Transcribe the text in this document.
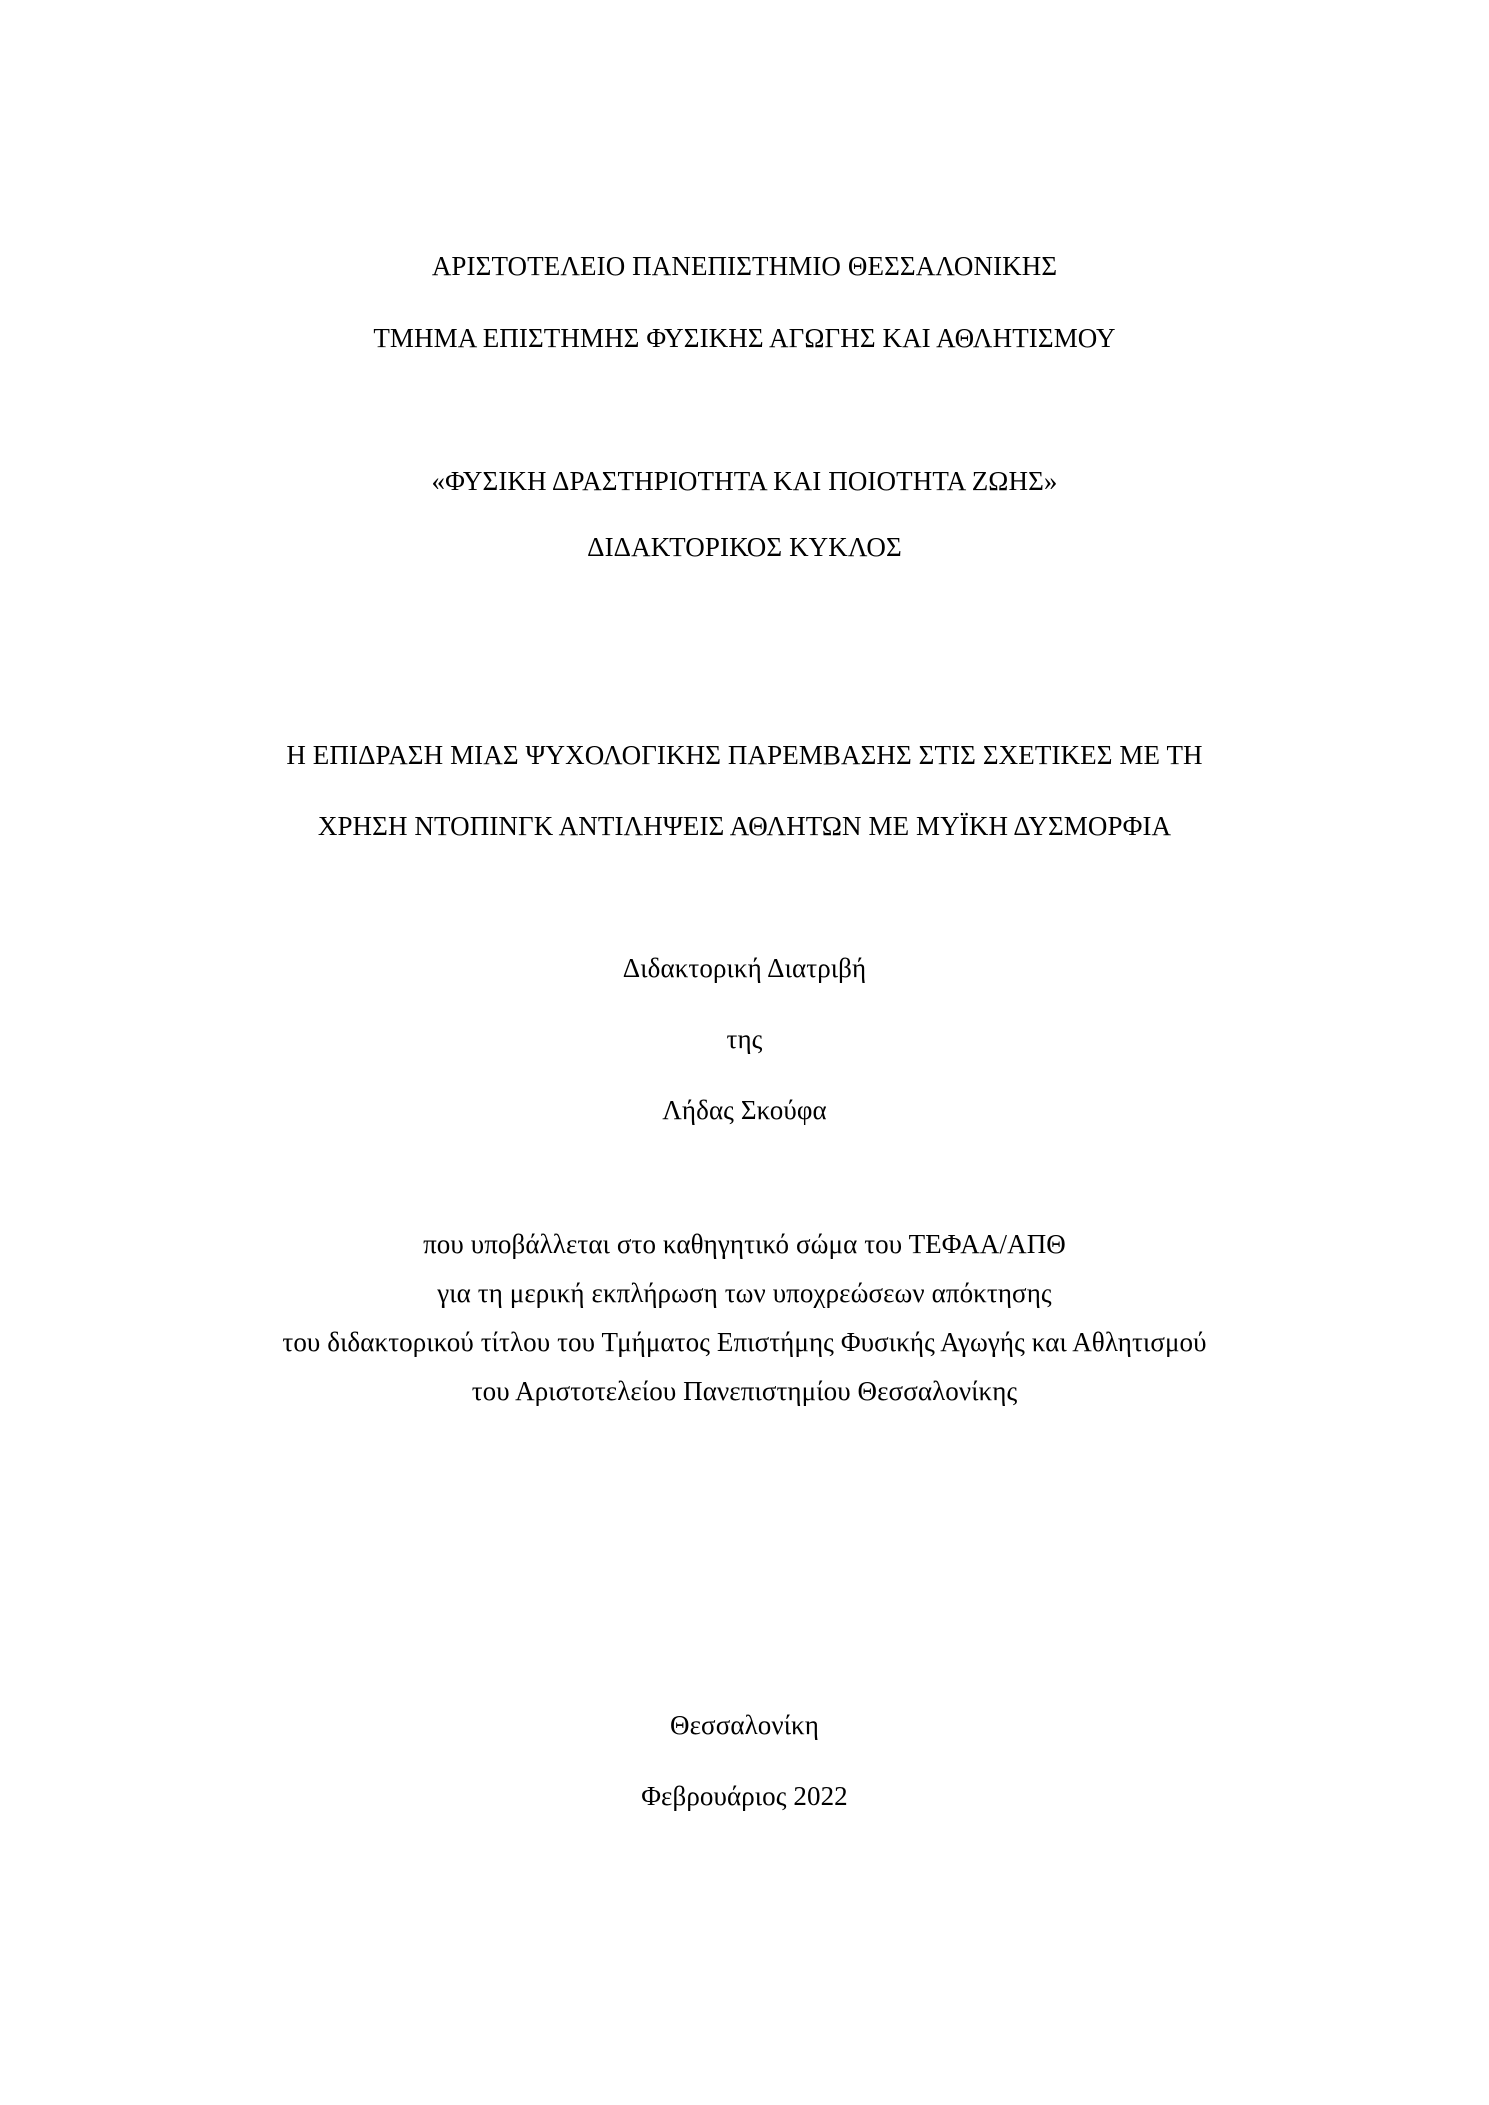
ΑΡΙΣΤΟΤΕΛΕΙΟ ΠΑΝΕΠΙΣΤΗΜΙΟ ΘΕΣΣΑΛΟΝΙΚΗΣ
ΤΜΗΜΑ ΕΠΙΣΤΗΜΗΣ ΦΥΣΙΚΗΣ ΑΓΩΓΗΣ ΚΑΙ ΑΘΛΗΤΙΣΜΟΥ
«ΦΥΣΙΚΗ ΔΡΑΣΤΗΡΙΟΤΗΤΑ ΚΑΙ ΠΟΙΟΤΗΤΑ ΖΩΗΣ»
ΔΙΔΑΚΤΟΡΙΚΟΣ ΚΥΚΛΟΣ
Η ΕΠΙΔΡΑΣΗ ΜΙΑΣ ΨΥΧΟΛΟΓΙΚΗΣ ΠΑΡΕΜΒΑΣΗΣ ΣΤΙΣ ΣΧΕΤΙΚΕΣ ΜΕ ΤΗ
ΧΡΗΣΗ ΝΤΟΠΙΝΓΚ ΑΝΤΙΛΗΨΕΙΣ ΑΘΛΗΤΩΝ ΜΕ ΜΥΪΚΗ ΔΥΣΜΟΡΦΙΑ
Διδακτορική Διατριβή
της
Λήδας Σκούφα
που υποβάλλεται στο καθηγητικό σώμα του ΤΕΦΑΑ/ΑΠΘ
για τη μερική εκπλήρωση των υποχρεώσεων απόκτησης
του διδακτορικού τίτλου του Τμήματος Επιστήμης Φυσικής Αγωγής και Αθλητισμού
του Αριστοτελείου Πανεπιστημίου Θεσσαλονίκης
Θεσσαλονίκη
Φεβρουάριος 2022
